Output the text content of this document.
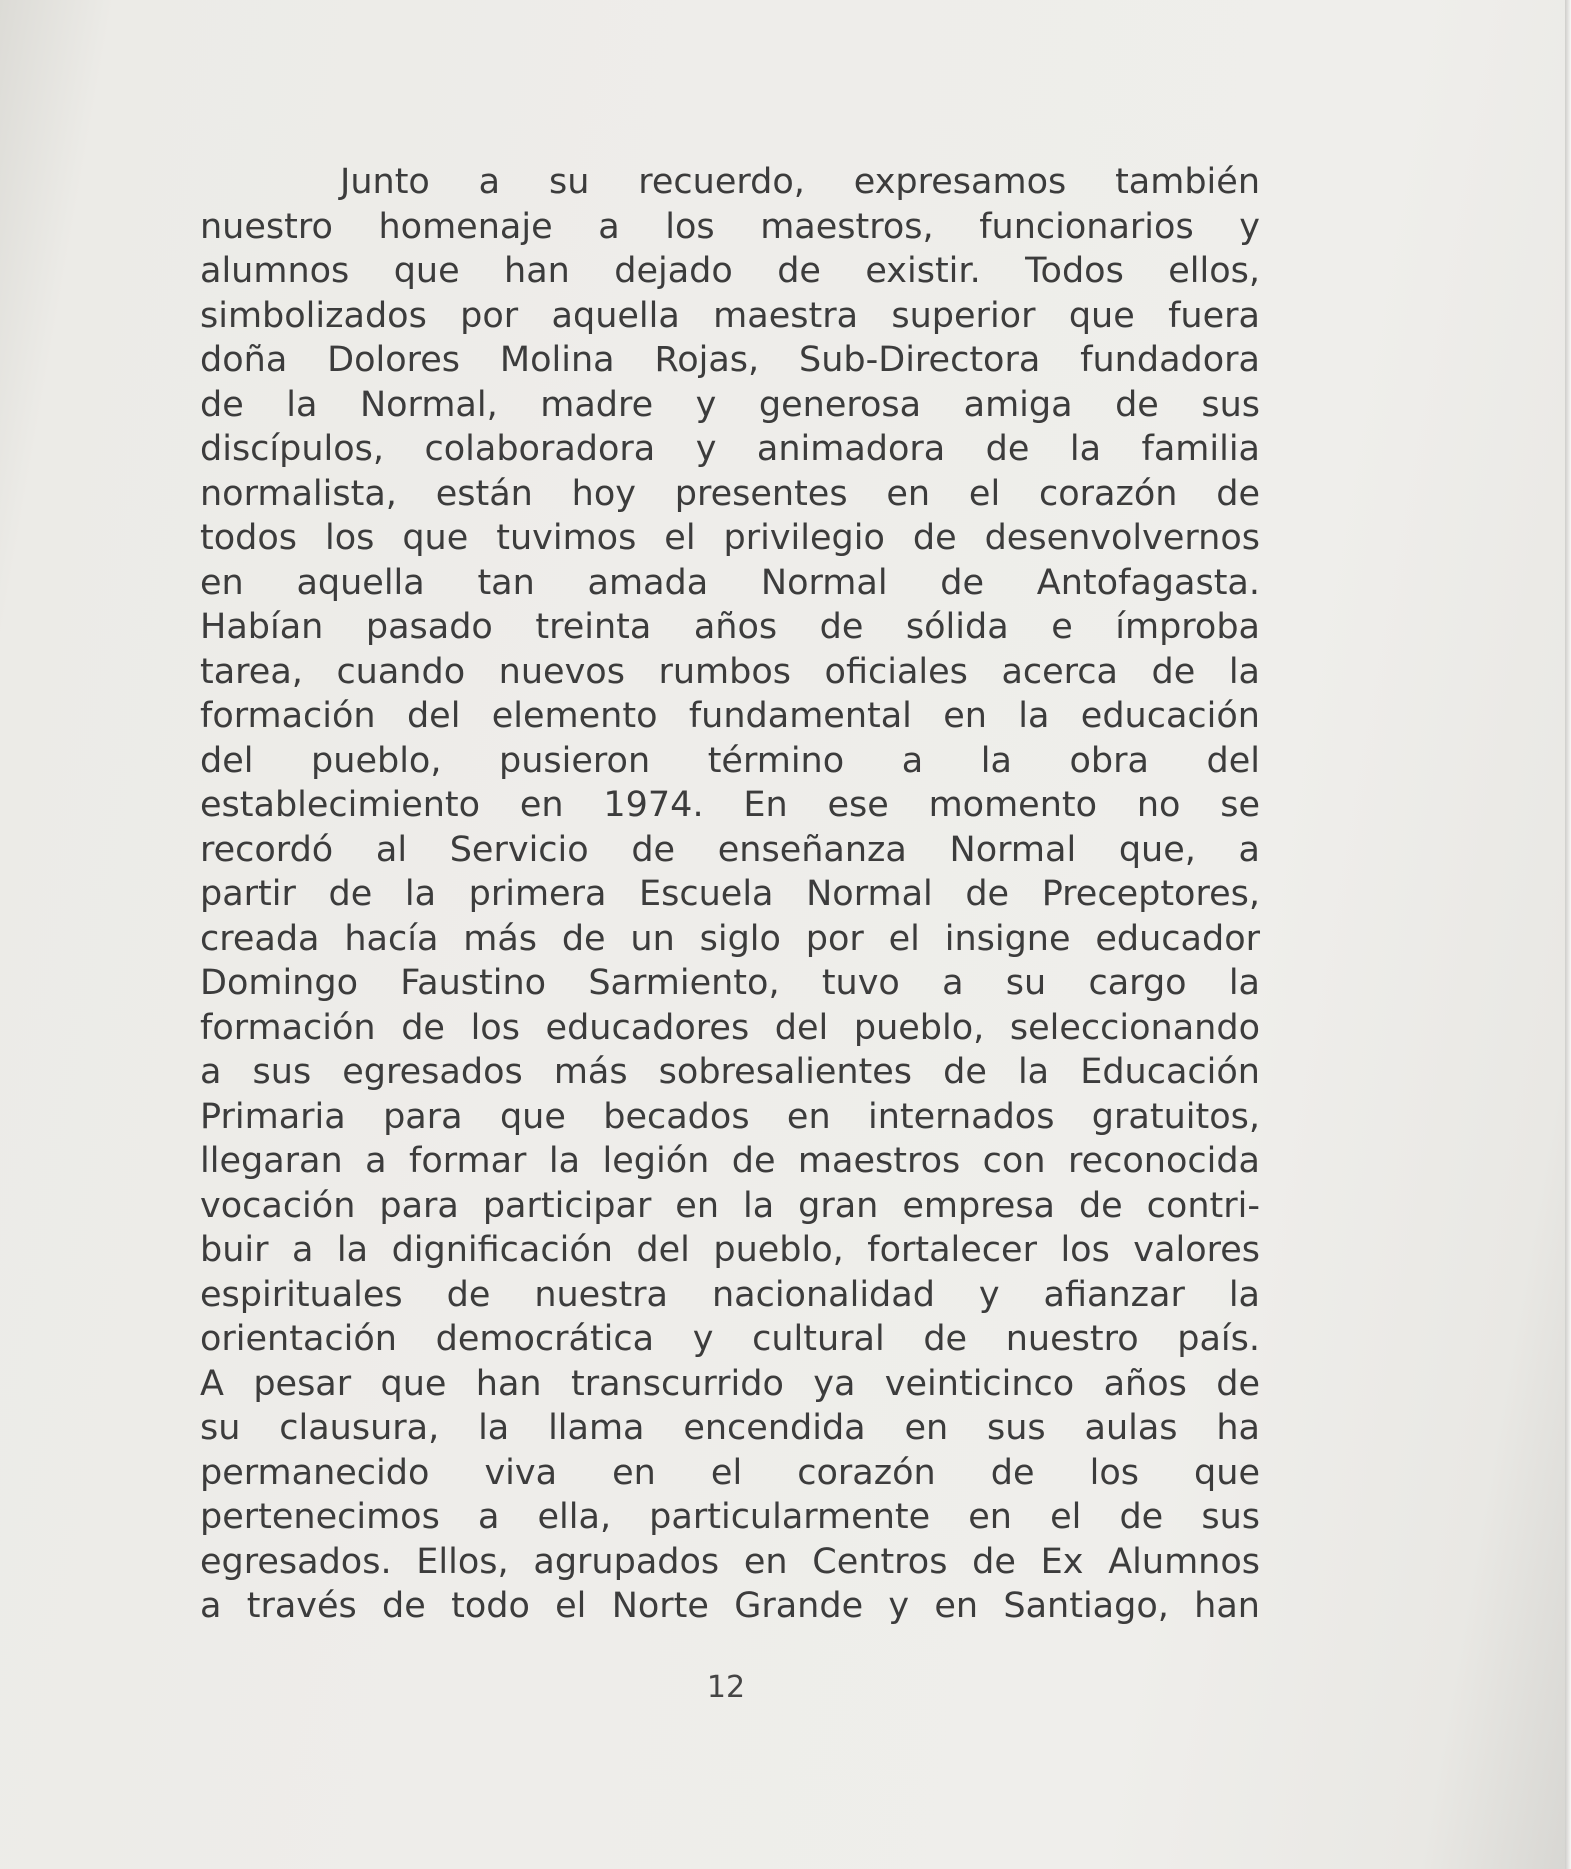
Junto a su recuerdo, expresamos también
nuestro homenaje a los maestros, funcionarios y
alumnos que han dejado de existir. Todos ellos,
simbolizados por aquella maestra superior que fuera
doña Dolores Molina Rojas, Sub-Directora fundadora
de la Normal, madre y generosa amiga de sus
discípulos, colaboradora y animadora de la familia
normalista, están hoy presentes en el corazón de
todos los que tuvimos el privilegio de desenvolvernos
en aquella tan amada Normal de Antofagasta.
Habían pasado treinta años de sólida e ímproba
tarea, cuando nuevos rumbos oficiales acerca de la
formación del elemento fundamental en la educación
del pueblo, pusieron término a la obra del
establecimiento en 1974. En ese momento no se
recordó al Servicio de enseñanza Normal que, a
partir de la primera Escuela Normal de Preceptores,
creada hacía más de un siglo por el insigne educador
Domingo Faustino Sarmiento, tuvo a su cargo la
formación de los educadores del pueblo, seleccionando
a sus egresados más sobresalientes de la Educación
Primaria para que becados en internados gratuitos,
llegaran a formar la legión de maestros con reconocida
vocación para participar en la gran empresa de contri-
buir a la dignificación del pueblo, fortalecer los valores
espirituales de nuestra nacionalidad y afianzar la
orientación democrática y cultural de nuestro país.
A pesar que han transcurrido ya veinticinco años de
su clausura, la llama encendida en sus aulas ha
permanecido viva en el corazón de los que
pertenecimos a ella, particularmente en el de sus
egresados. Ellos, agrupados en Centros de Ex Alumnos
a través de todo el Norte Grande y en Santiago, han
12
